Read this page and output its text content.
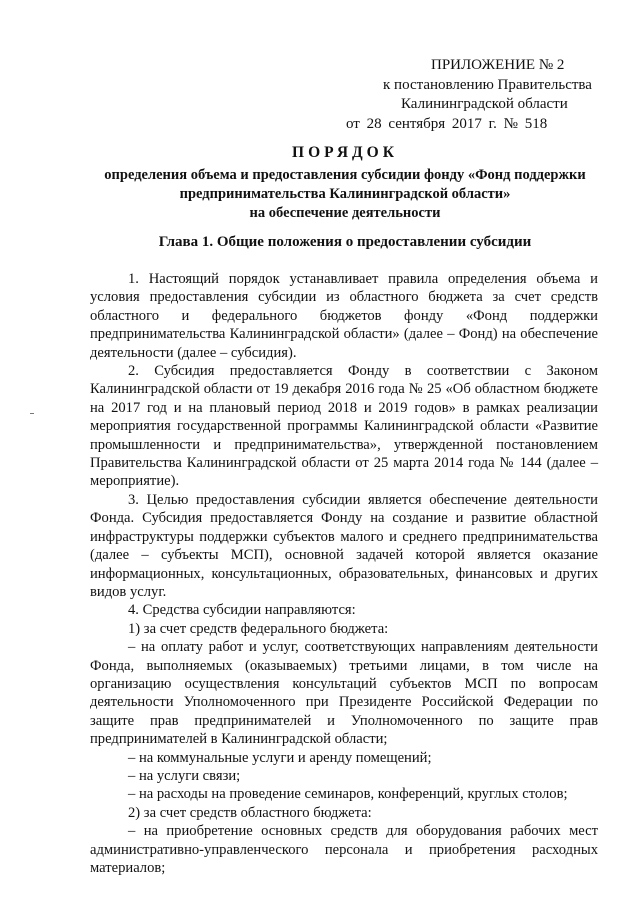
ПРИЛОЖЕНИЕ № 2
к постановлению Правительства
Калининградской области
от 28 сентября 2017 г. № 518
ПОРЯДОК
определения объема и предоставления субсидии фонду «Фонд поддержки
предпринимательства Калининградской области»
на обеспечение деятельности
Глава 1. Общие положения о предоставлении субсидии

1. Настоящий порядок устанавливает правила определения объема и условия предоставления субсидии из областного бюджета за счет средств областного и федерального бюджетов фонду «Фонд поддержки предпринимательства Калининградской области» (далее – Фонд) на обеспечение деятельности (далее – субсидия).

2. Субсидия предоставляется Фонду в соответствии с Законом Калининградской области от 19 декабря 2016 года № 25 «Об областном бюджете на 2017 год и на плановый период 2018 и 2019 годов» в рамках реализации мероприятия государственной программы Калининградской области «Развитие промышленности и предпринимательства», утвержденной постановлением Правительства Калининградской области от 25 марта 2014 года № 144 (далее – мероприятие).

3. Целью предоставления субсидии является обеспечение деятельности Фонда. Субсидия предоставляется Фонду на создание и развитие областной инфраструктуры поддержки субъектов малого и среднего предпринимательства (далее – субъекты МСП), основной задачей которой является оказание информационных, консультационных, образовательных, финансовых и других видов услуг.

4. Средства субсидии направляются:

1) за счет средств федерального бюджета:

– на оплату работ и услуг, соответствующих направлениям деятельности Фонда, выполняемых (оказываемых) третьими лицами, в том числе на организацию осуществления консультаций субъектов МСП по вопросам деятельности Уполномоченного при Президенте Российской Федерации по защите прав предпринимателей и Уполномоченного по защите прав предпринимателей в Калининградской области;

– на коммунальные услуги и аренду помещений;

– на услуги связи;

– на расходы на проведение семинаров, конференций, круглых столов;

2) за счет средств областного бюджета:

– на приобретение основных средств для оборудования рабочих мест административно-управленческого персонала и приобретения расходных материалов;
